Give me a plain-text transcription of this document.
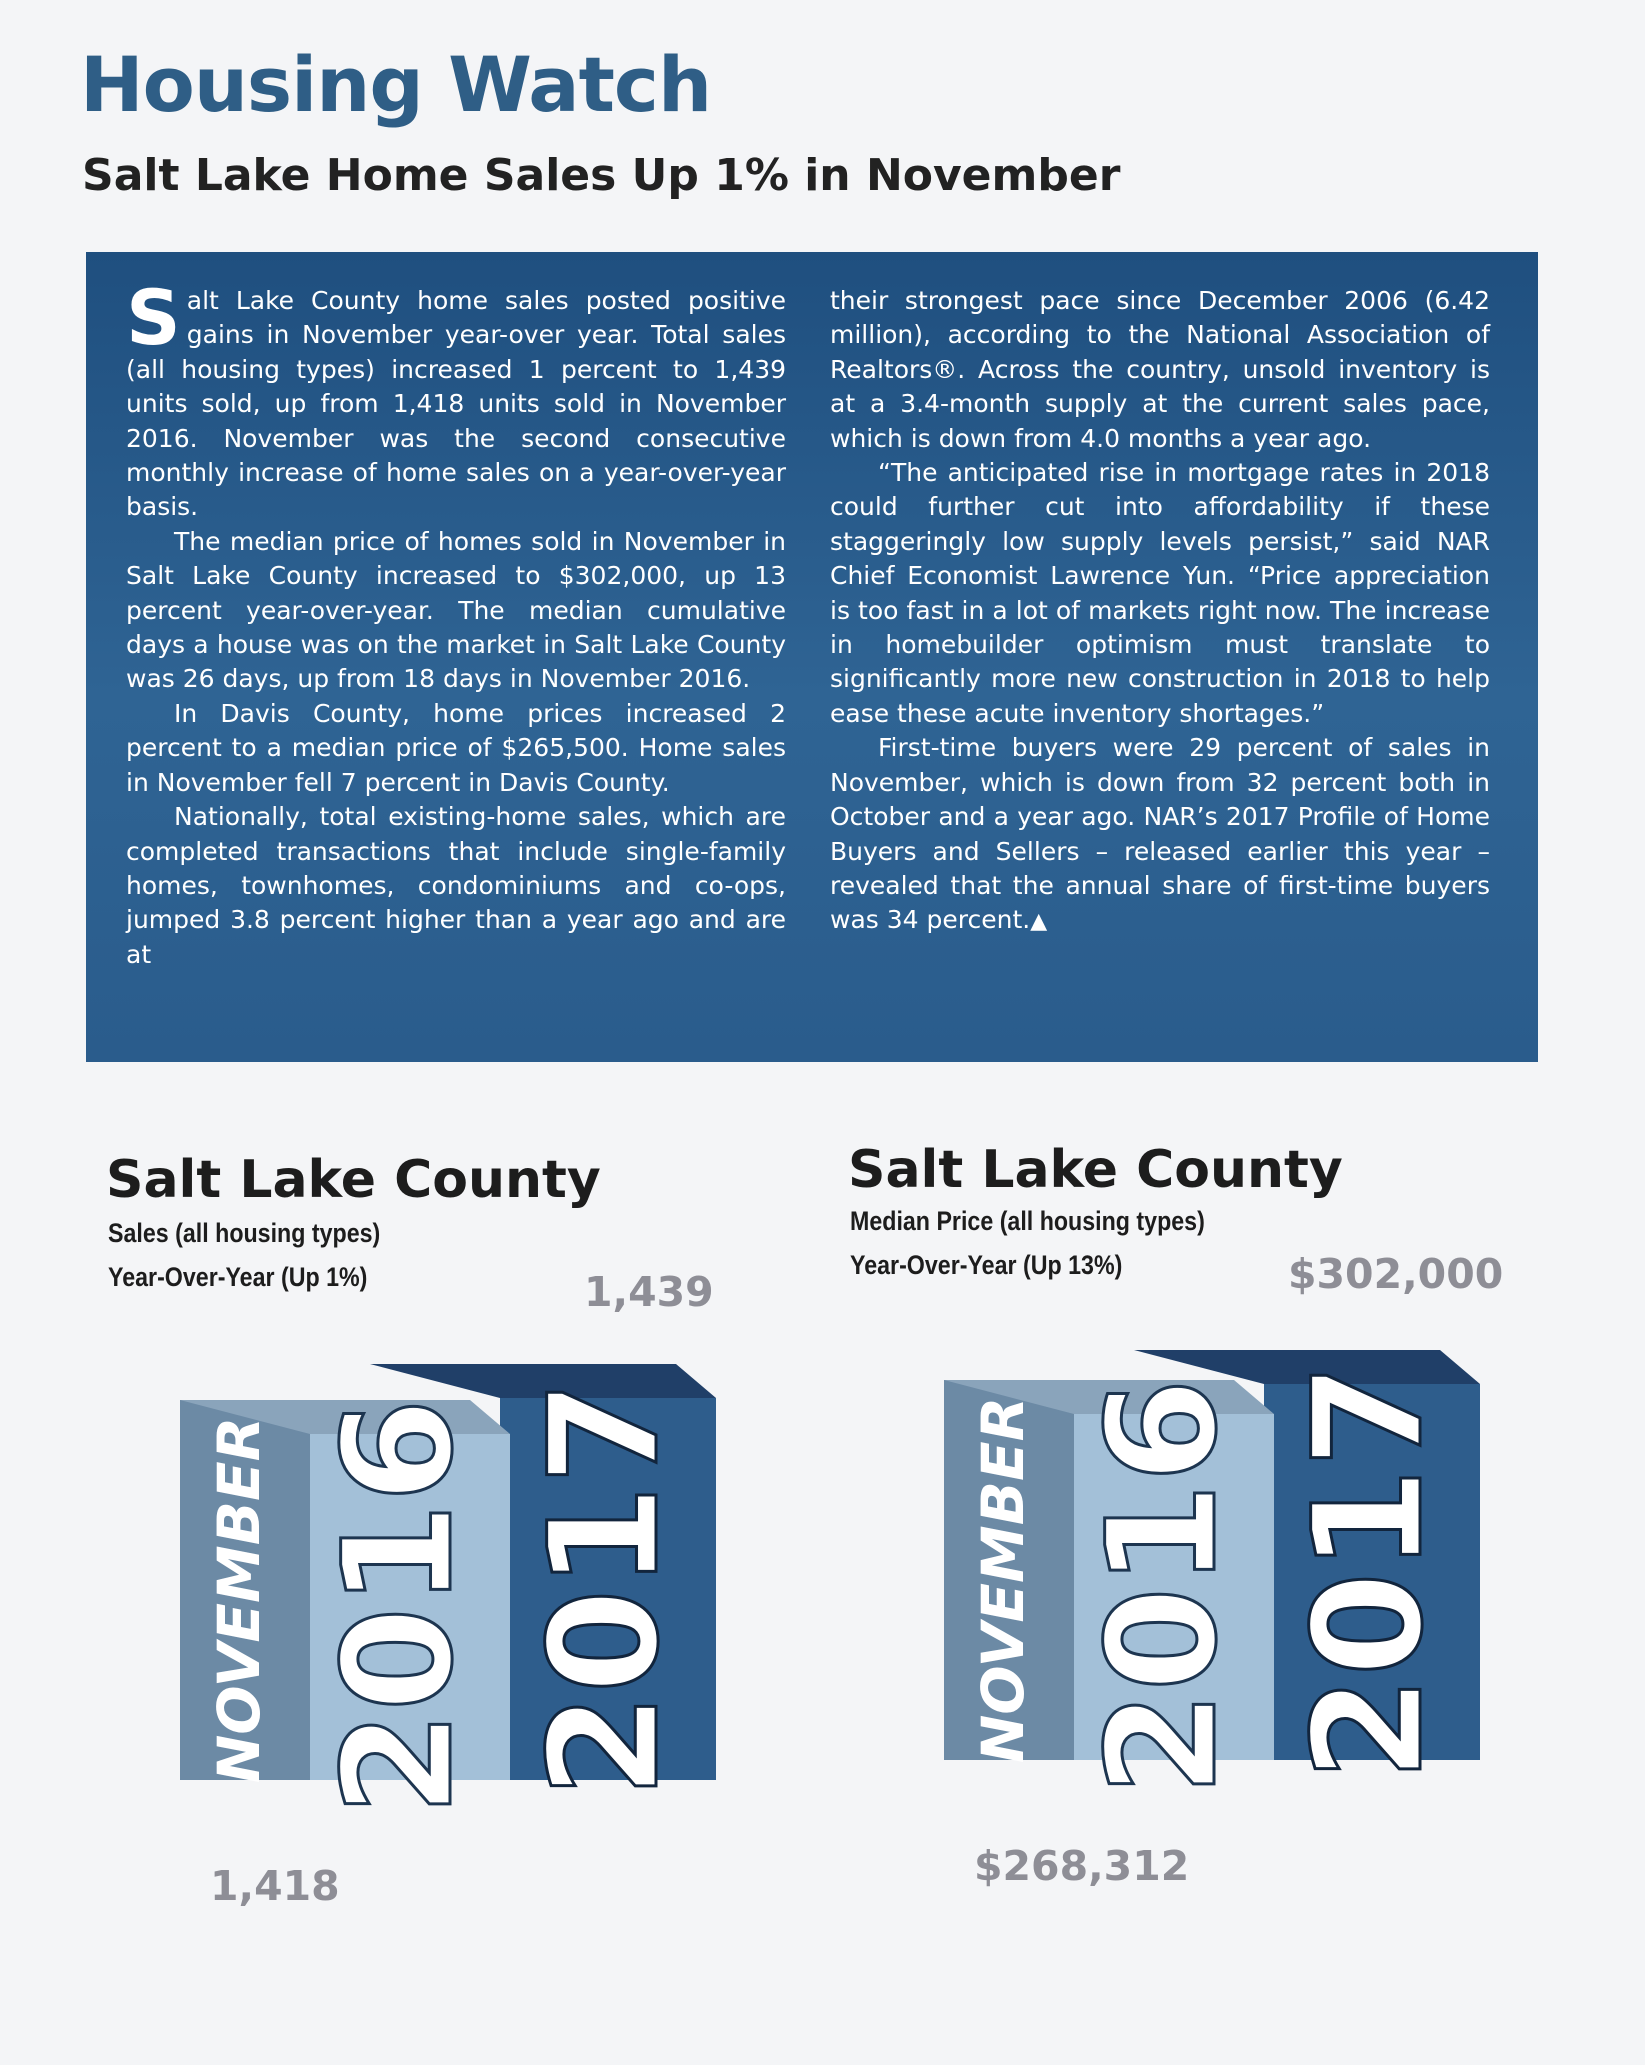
Housing Watch
Salt Lake Home Sales Up 1% in November

Salt Lake County home sales posted positive gains in November year-over year. Total sales (all housing types) increased 1 percent to 1,439 units sold, up from 1,418 units sold in November 2016. November was the second consecutive monthly increase of home sales on a year-over-year basis.

The median price of homes sold in November in Salt Lake County increased to $302,000, up 13 percent year-over-year. The median cumulative days a house was on the market in Salt Lake County was 26 days, up from 18 days in November 2016.

In Davis County, home prices increased 2 percent to a median price of $265,500. Home sales in November fell 7 percent in Davis County.

Nationally, total existing-home sales, which are completed transactions that include single-family homes, townhomes, condominiums and co-ops, jumped 3.8 percent higher than a year ago and are at

their strongest pace since December 2006 (6.42 million), according to the National Association of Realtors®. Across the country, unsold inventory is at a 3.4-month supply at the current sales pace, which is down from 4.0 months a year ago.

“The anticipated rise in mortgage rates in 2018 could further cut into affordability if these staggeringly low supply levels persist,” said NAR Chief Economist Lawrence Yun. “Price appreciation is too fast in a lot of markets right now. The increase in homebuilder optimism must translate to significantly more new construction in 2018 to help ease these acute inventory shortages.”

First-time buyers were 29 percent of sales in November, which is down from 32 percent both in October and a year ago. NAR’s 2017 Profile of Home Buyers and Sellers – released earlier this year – revealed that the annual share of first-time buyers was 34 percent.▲

Salt Lake County
Sales (all housing types)
Year-Over-Year (Up 1%)	1,439
1,418
NOVEMBER 2016 2017
Salt Lake County
Median Price (all housing types)
Year-Over-Year (Up 13%)	$302,000
$268,312
NOVEMBER 2016 2017
